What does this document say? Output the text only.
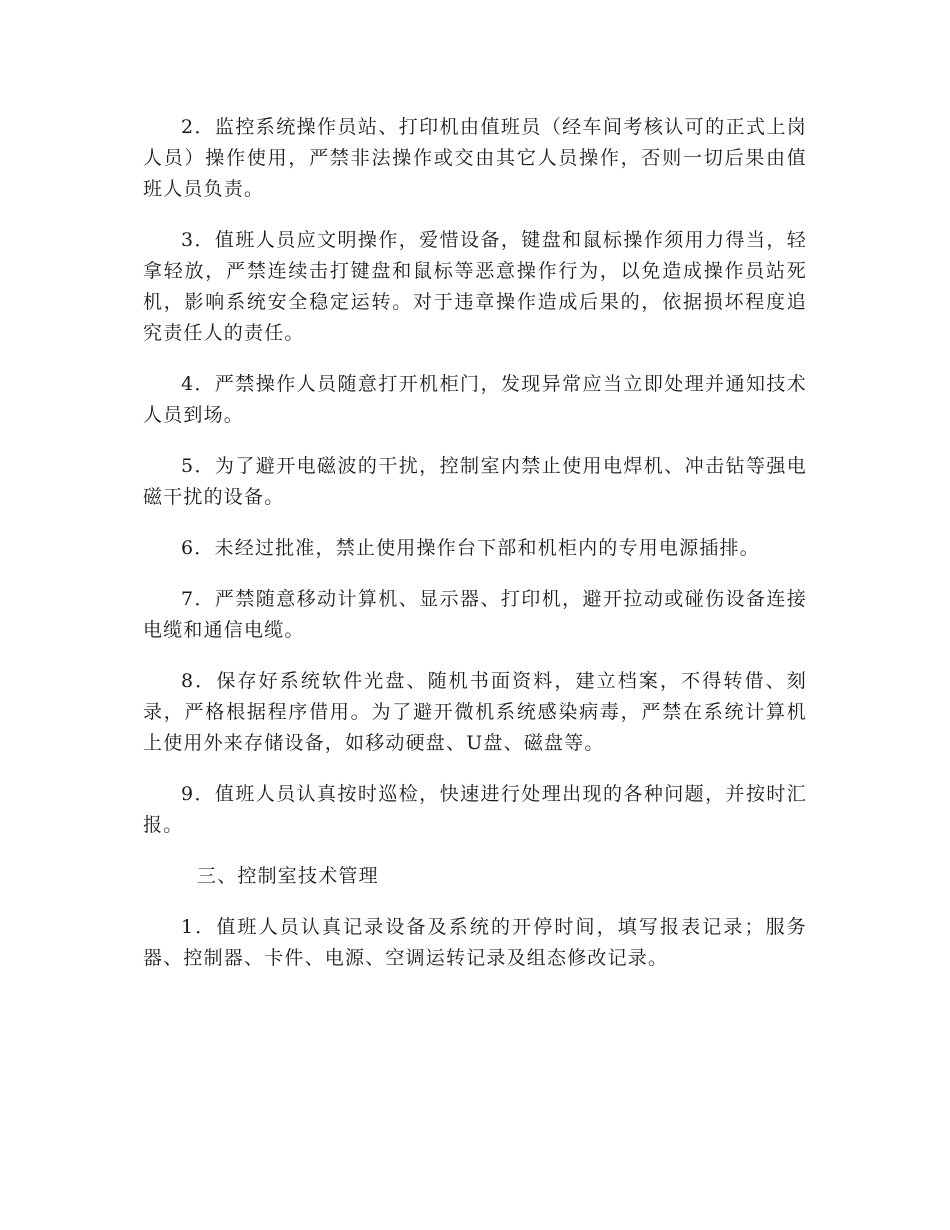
2．监控系统操作员站、打印机由值班员（经车间考核认可的正式上岗人员）操作使用，严禁非法操作或交由其它人员操作，否则一切后果由值班人员负责。

3．值班人员应文明操作，爱惜设备，键盘和鼠标操作须用力得当，轻拿轻放，严禁连续击打键盘和鼠标等恶意操作行为，以免造成操作员站死机，影响系统安全稳定运转。对于违章操作造成后果的，依据损坏程度追究责任人的责任。

4．严禁操作人员随意打开机柜门，发现异常应当立即处理并通知技术人员到场。

5．为了避开电磁波的干扰，控制室内禁止使用电焊机、冲击钻等强电磁干扰的设备。

6．未经过批准，禁止使用操作台下部和机柜内的专用电源插排。

7．严禁随意移动计算机、显示器、打印机，避开拉动或碰伤设备连接电缆和通信电缆。

8．保存好系统软件光盘、随机书面资料，建立档案，不得转借、刻录，严格根据程序借用。为了避开微机系统感染病毒，严禁在系统计算机上使用外来存储设备，如移动硬盘、U盘、磁盘等。

9．值班人员认真按时巡检，快速进行处理出现的各种问题，并按时汇报。

三、控制室技术管理

1．值班人员认真记录设备及系统的开停时间，填写报表记录；服务器、控制器、卡件、电源、空调运转记录及组态修改记录。
